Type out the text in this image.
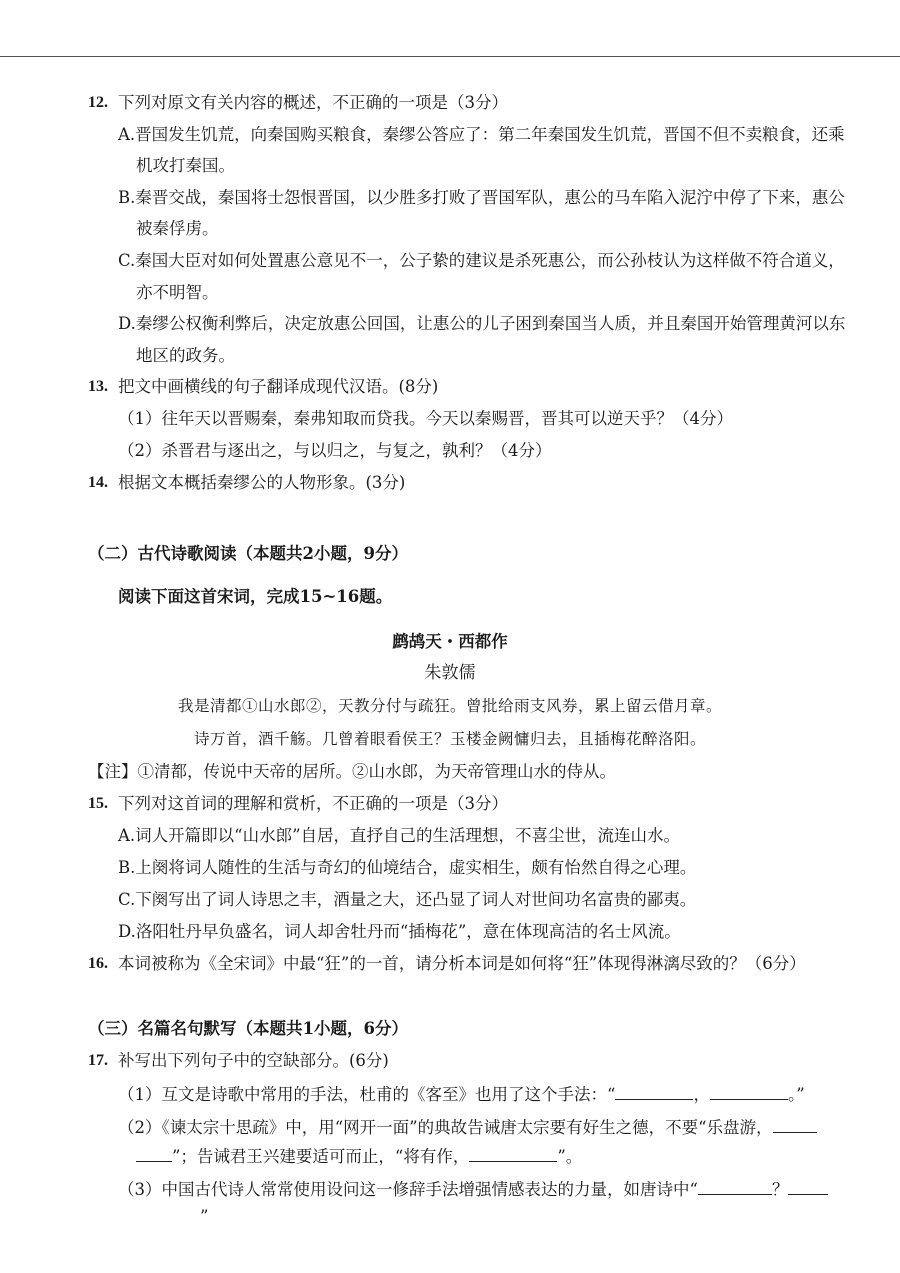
12. 下列对原文有关内容的概述，不正确的一项是（3分）
A.晋国发生饥荒，向秦国购买粮食，秦缪公答应了：第二年秦国发生饥荒，晋国不但不卖粮食，还乘
机攻打秦国。
B.秦晋交战，秦国将士怨恨晋国，以少胜多打败了晋国军队，惠公的马车陷入泥泞中停了下来，惠公
被秦俘虏。
C.秦国大臣对如何处置惠公意见不一，公子絷的建议是杀死惠公，而公孙枝认为这样做不符合道义，
亦不明智。
D.秦缪公权衡利弊后，决定放惠公回国，让惠公的儿子困到秦国当人质，并且秦国开始管理黄河以东
地区的政务。
13. 把文中画横线的句子翻译成现代汉语。(8分)
（1）往年天以晋赐秦，秦弗知取而贷我。今天以秦赐晋，晋其可以逆天乎？（4分）
（2）杀晋君与逐出之，与以归之，与复之，孰利？（4分）
14. 根据文本概括秦缪公的人物形象。(3分)
（二）古代诗歌阅读（本题共2小题，9分）
阅读下面这首宋词，完成15~16题。
鹧鸪天・西都作
朱敦儒
我是清都①山水郎②，天教分付与疏狂。曾批给雨支风券，累上留云借月章。
诗万首，酒千觞。几曾着眼看侯王？玉楼金阙慵归去，且插梅花醉洛阳。
【注】①清都，传说中天帝的居所。②山水郎，为天帝管理山水的侍从。
15. 下列对这首词的理解和赏析，不正确的一项是（3分）
A.词人开篇即以“山水郎”自居，直抒自己的生活理想，不喜尘世，流连山水。
B.上阕将词人随性的生活与奇幻的仙境结合，虚实相生，颇有怡然自得之心理。
C.下阕写出了词人诗思之丰，酒量之大，还凸显了词人对世间功名富贵的鄙夷。
D.洛阳牡丹早负盛名，词人却舍牡丹而“插梅花”，意在体现高洁的名士风流。
16. 本词被称为《全宋词》中最“狂”的一首，请分析本词是如何将“狂”体现得淋漓尽致的？（6分）
（三）名篇名句默写（本题共1小题，6分）
17. 补写出下列句子中的空缺部分。(6分)
（1）互文是诗歌中常用的手法，杜甫的《客至》也用了这个手法：“	，	。”
（2）《谏太宗十思疏》中，用“网开一面”的典故告诫唐太宗要有好生之德，不要“乐盘游，
”；告诫君王兴建要适可而止，“将有作，	”。
（3）中国古代诗人常常使用设问这一修辞手法增强情感表达的力量，如唐诗中“	？
”
